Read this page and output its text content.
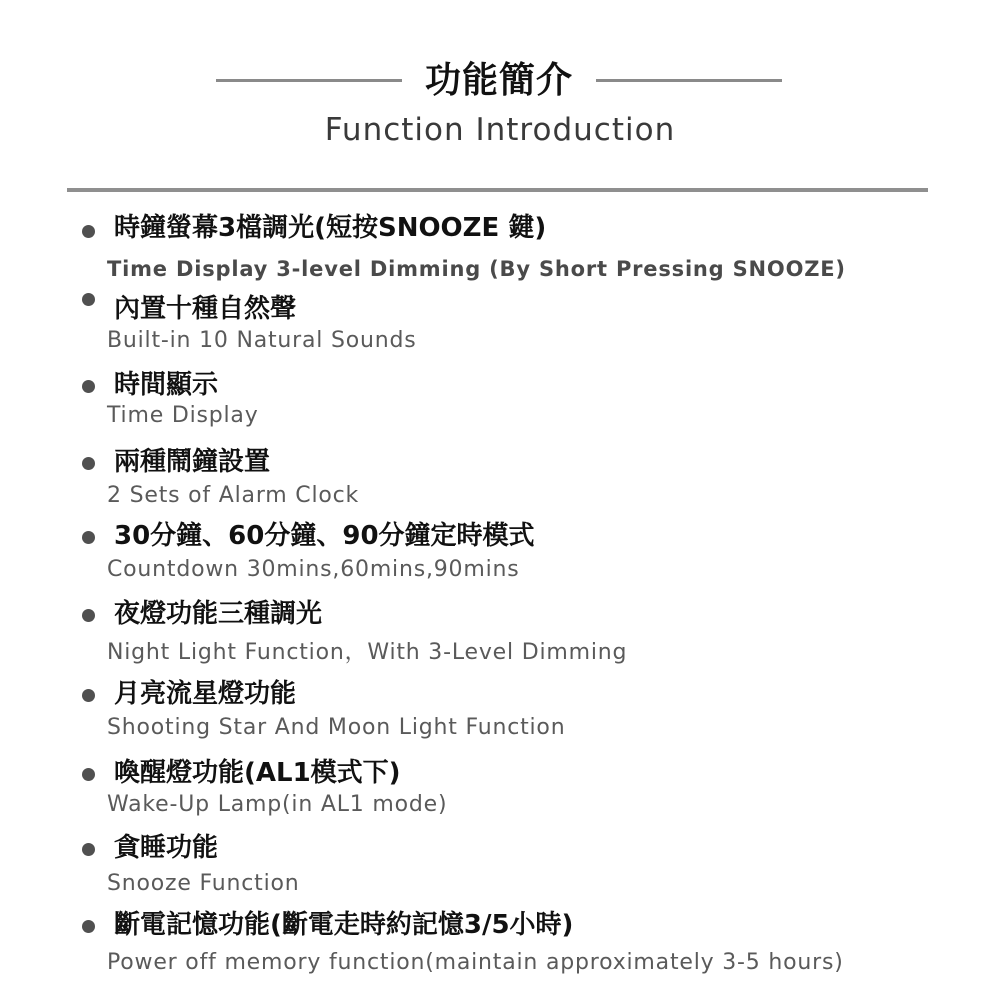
功能簡介
Function Introduction
時鐘螢幕3檔調光(短按SNOOZE 鍵)
Time Display 3-level Dimming (By Short Pressing SNOOZE)
內置十種自然聲
Built-in 10 Natural Sounds
時間顯示
Time Display
兩種鬧鐘設置
2 Sets of Alarm Clock
30分鐘、60分鐘、90分鐘定時模式
Countdown 30mins,60mins,90mins
夜燈功能三種調光
Night Light Function，With 3-Level Dimming
月亮流星燈功能
Shooting Star And Moon Light Function
喚醒燈功能(AL1模式下)
Wake-Up Lamp(in AL1 mode)
貪睡功能
Snooze Function
斷電記憶功能(斷電走時約記憶3/5小時)
Power off memory function(maintain approximately 3-5 hours)
